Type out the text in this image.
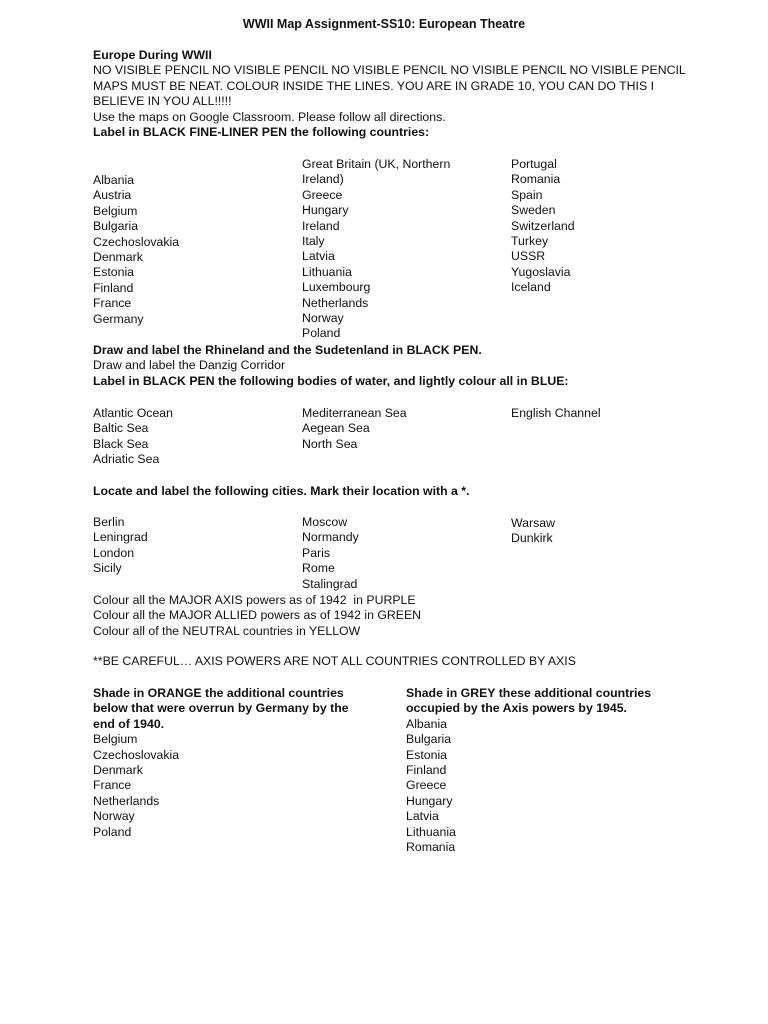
WWII Map Assignment-SS10: European Theatre
Europe During WWII
NO VISIBLE PENCIL NO VISIBLE PENCIL NO VISIBLE PENCIL NO VISIBLE PENCIL NO VISIBLE PENCIL
MAPS MUST BE NEAT. COLOUR INSIDE THE LINES. YOU ARE IN GRADE 10, YOU CAN DO THIS I
BELIEVE IN YOU ALL!!!!!
Use the maps on Google Classroom. Please follow all directions.
Label in BLACK FINE-LINER PEN the following countries:
Albania
Austria
Belgium
Bulgaria
Czechoslovakia
Denmark
Estonia
Finland
France
Germany
Great Britain (UK, Northern
Ireland)
Greece
Hungary
Ireland
Italy
Latvia
Lithuania
Luxembourg
Netherlands
Norway
Poland
Portugal
Romania
Spain
Sweden
Switzerland
Turkey
USSR
Yugoslavia
Iceland
Draw and label the Rhineland and the Sudetenland in BLACK PEN.
Draw and label the Danzig Corridor
Label in BLACK PEN the following bodies of water, and lightly colour all in BLUE:
Atlantic Ocean
Baltic Sea
Black Sea
Adriatic Sea
Mediterranean Sea
Aegean Sea
North Sea
English Channel
Locate and label the following cities. Mark their location with a *.
Berlin
Leningrad
London
Sicily
Moscow
Normandy
Paris
Rome
Stalingrad
Warsaw
Dunkirk
Colour all the MAJOR AXIS powers as of 1942  in PURPLE
Colour all the MAJOR ALLIED powers as of 1942 in GREEN
Colour all of the NEUTRAL countries in YELLOW
**BE CAREFUL… AXIS POWERS ARE NOT ALL COUNTRIES CONTROLLED BY AXIS
Shade in ORANGE the additional countries
below that were overrun by Germany by the
end of 1940.
Belgium
Czechoslovakia
Denmark
France
Netherlands
Norway
Poland
Shade in GREY these additional countries
occupied by the Axis powers by 1945.
Albania
Bulgaria
Estonia
Finland
Greece
Hungary
Latvia
Lithuania
Romania
